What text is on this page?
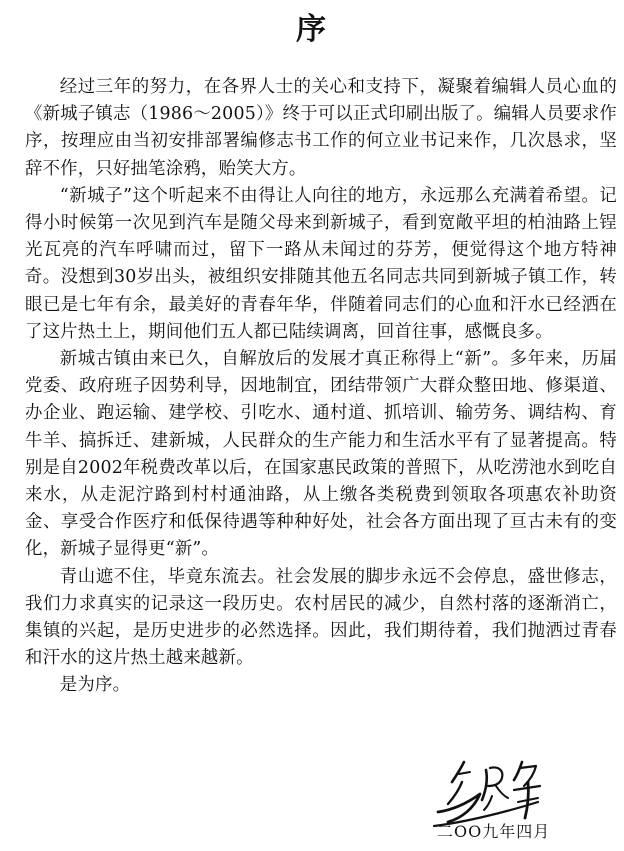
序

经过三年的努力，在各界人士的关心和支持下，凝聚着编辑人员心血的《新城子镇志（1986～2005）》终于可以正式印刷出版了。编辑人员要求作序，按理应由当初安排部署编修志书工作的何立业书记来作，几次恳求，坚辞不作，只好拙笔涂鸦，贻笑大方。

“新城子”这个听起来不由得让人向往的地方，永远那么充满着希望。记得小时候第一次见到汽车是随父母来到新城子，看到宽敞平坦的柏油路上锃光瓦亮的汽车呼啸而过，留下一路从未闻过的芬芳，便觉得这个地方特神奇。没想到30岁出头，被组织安排随其他五名同志共同到新城子镇工作，转眼已是七年有余，最美好的青春年华，伴随着同志们的心血和汗水已经洒在了这片热土上，期间他们五人都已陆续调离，回首往事，感慨良多。

新城古镇由来已久，自解放后的发展才真正称得上“新”。多年来，历届党委、政府班子因势利导，因地制宜，团结带领广大群众整田地、修渠道、办企业、跑运输、建学校、引吃水、通村道、抓培训、输劳务、调结构、育牛羊、搞拆迁、建新城，人民群众的生产能力和生活水平有了显著提高。特别是自2002年税费改革以后，在国家惠民政策的普照下，从吃涝池水到吃自来水，从走泥泞路到村村通油路，从上缴各类税费到领取各项惠农补助资金、享受合作医疗和低保待遇等种种好处，社会各方面出现了亘古未有的变化，新城子显得更“新”。

青山遮不住，毕竟东流去。社会发展的脚步永远不会停息，盛世修志，我们力求真实的记录这一段历史。农村居民的减少，自然村落的逐渐消亡，集镇的兴起，是历史进步的必然选择。因此，我们期待着，我们抛洒过青春和汗水的这片热土越来越新。

是为序。

二OO九年四月
